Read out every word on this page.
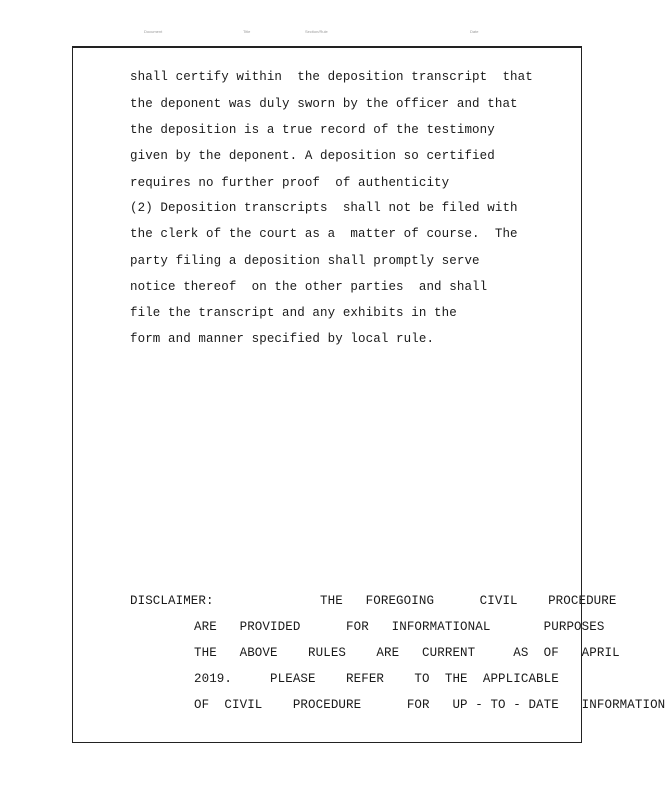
Document	Title	Section/Rule	Date
shall certify within  the deposition transcript  that
the deponent was duly sworn by the officer and that
the deposition is a true record of the testimony
given by the deponent. A deposition so certified
requires no further proof  of authenticity
(2) Deposition transcripts  shall not be filed with
the clerk of the court as a  matter of course.  The
party filing a deposition shall promptly serve
notice thereof  on the other parties  and shall
file the transcript and any exhibits in the
form and manner specified by local rule.
DISCLAIMER:              THE   FOREGOING      CIVIL    PROCEDURE
ARE   PROVIDED      FOR   INFORMATIONAL       PURPOSES
THE   ABOVE    RULES    ARE   CURRENT     AS  OF   APRIL
2019.     PLEASE    REFER    TO  THE  APPLICABLE
OF  CIVIL    PROCEDURE      FOR   UP - TO - DATE   INFORMATION
